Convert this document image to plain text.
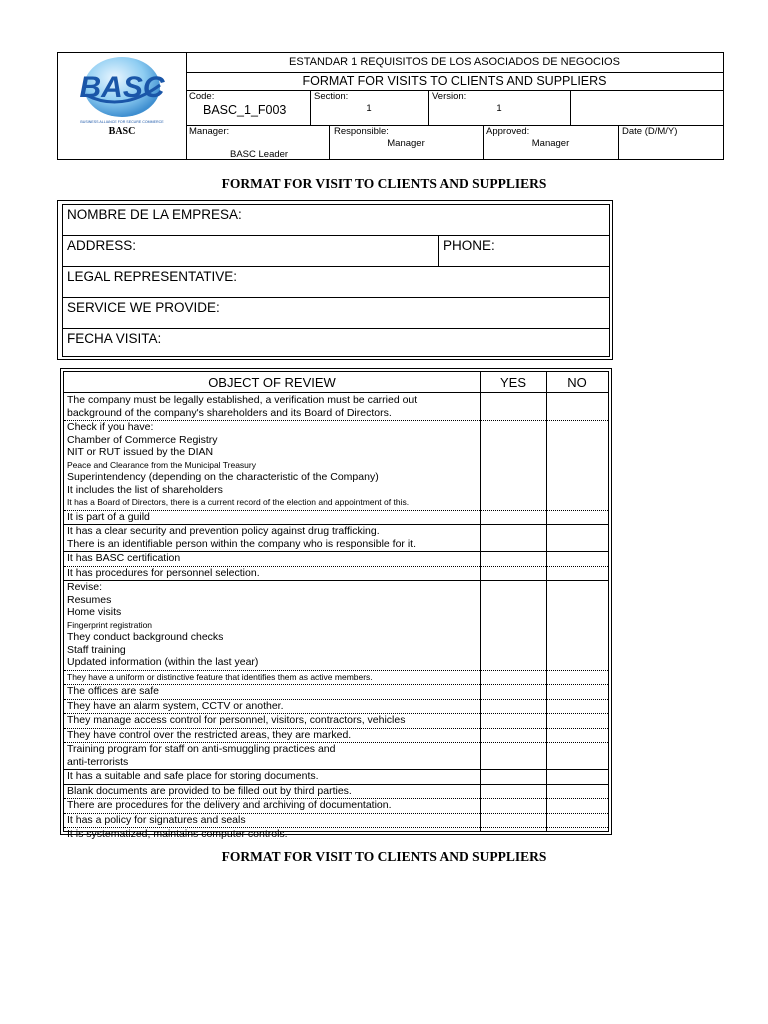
BASC
BUSINESS ALLIANCE FOR SECURE COMMERCE
BASC
ESTANDAR 1 REQUISITOS DE LOS ASOCIADOS DE NEGOCIOS
FORMAT FOR VISITS TO CLIENTS AND SUPPLIERS
Code:
BASC_1_F003
Section:
1
Version:
1
Manager:
BASC Leader
Responsible:
Manager
Approved:
Manager
Date (D/M/Y)
FORMAT FOR VISIT TO CLIENTS AND SUPPLIERS
NOMBRE DE LA EMPRESA:
ADDRESS:	PHONE:
LEGAL REPRESENTATIVE:
SERVICE WE PROVIDE:
FECHA VISITA:
OBJECT OF REVIEW	YES	NO
The company must be legally established, a verification must be carried out
background of the company's shareholders and its Board of Directors.
Check if you have:
Chamber of Commerce Registry
NIT or RUT issued by the DIAN
Peace and Clearance from the Municipal Treasury
Superintendency (depending on the characteristic of the Company)
It includes the list of shareholders
It has a Board of Directors, there is a current record of the election and appointment of this.
It is part of a guild
It has a clear security and prevention policy against drug trafficking.
There is an identifiable person within the company who is responsible for it.
It has BASC certification
It has procedures for personnel selection.
Revise:
Resumes
Home visits
Fingerprint registration
They conduct background checks
Staff training
Updated information (within the last year)
They have a uniform or distinctive feature that identifies them as active members.
The offices are safe
They have an alarm system, CCTV or another.
They manage access control for personnel, visitors, contractors, vehicles
They have control over the restricted areas, they are marked.
Training program for staff on anti-smuggling practices and
anti-terrorists
It has a suitable and safe place for storing documents.
Blank documents are provided to be filled out by third parties.
There are procedures for the delivery and archiving of documentation.
It has a policy for signatures and seals
It is systematized, maintains computer controls.
FORMAT FOR VISIT TO CLIENTS AND SUPPLIERS
